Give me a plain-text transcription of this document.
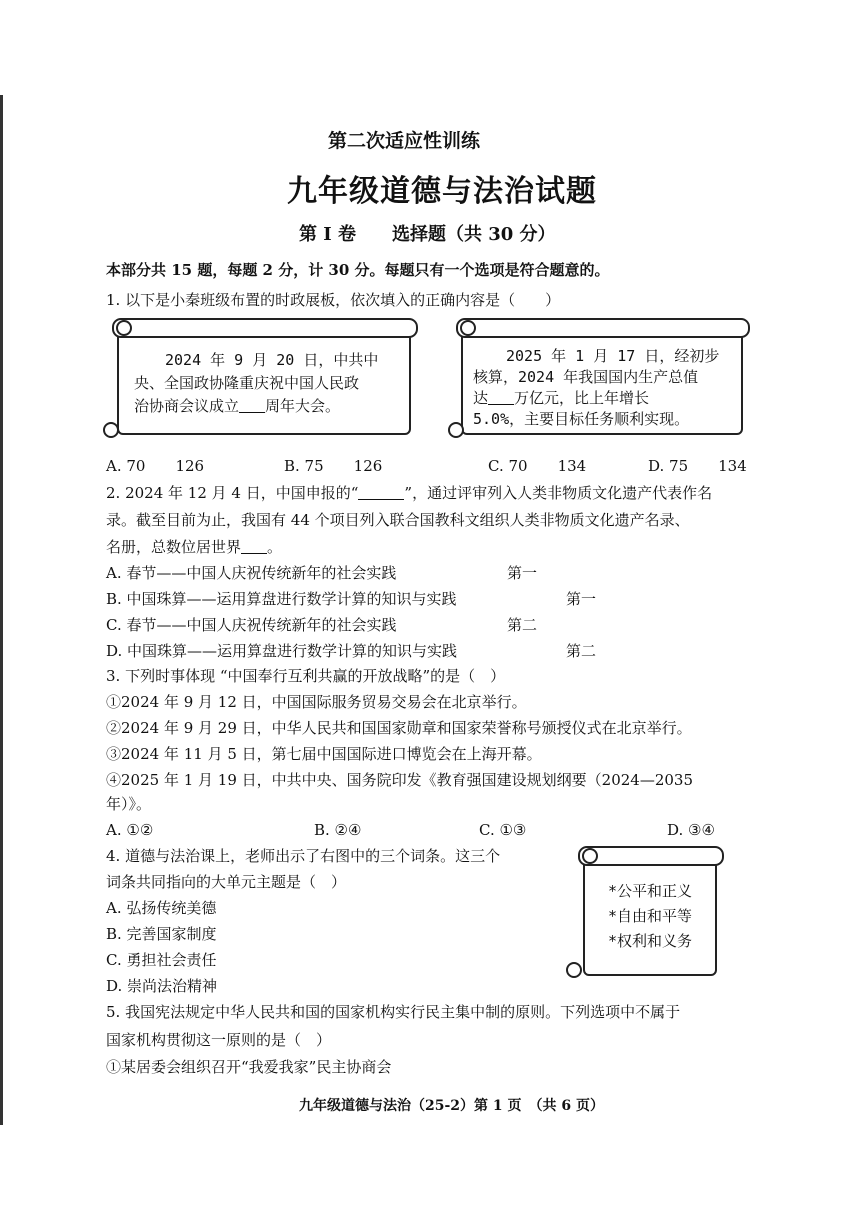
第二次适应性训练
九年级道德与法治试题
第 I 卷　　选择题（共 30 分）
本部分共 15 题，每题 2 分，计 30 分。每题只有一个选项是符合题意的。
1. 以下是小秦班级布置的时政展板，依次填入的正确内容是（　　）
2024 年 9 月 20 日，中共中
央、全国政协隆重庆祝中国人民政
治协商会议成立 周年大会。
2025 年 1 月 17 日，经初步
核算，2024 年我国国内生产总值
达 万亿元，比上年增长
5.0%，主要目标任务顺利实现。
A. 70　　126	B. 75　　126	C. 70　　134	D. 75　　134
2. 2024 年 12 月 4 日，中国申报的“	”，通过评审列入人类非物质文化遗产代表作名
录。截至目前为止，我国有 44 个项目列入联合国教科文组织人类非物质文化遗产名录、
名册，总数位居世界 。
A. 春节——中国人庆祝传统新年的社会实践	第一
B. 中国珠算——运用算盘进行数学计算的知识与实践	第一
C. 春节——中国人庆祝传统新年的社会实践	第二
D. 中国珠算——运用算盘进行数学计算的知识与实践	第二
3. 下列时事体现 “中国奉行互利共赢的开放战略”的是（　）
①2024 年 9 月 12 日，中国国际服务贸易交易会在北京举行。
②2024 年 9 月 29 日，中华人民共和国国家勋章和国家荣誉称号颁授仪式在北京举行。
③2024 年 11 月 5 日，第七届中国国际进口博览会在上海开幕。
④2025 年 1 月 19 日，中共中央、国务院印发《教育强国建设规划纲要（2024—2035
年）》。
A. ①②	B. ②④	C. ①③	D. ③④
4. 道德与法治课上，老师出示了右图中的三个词条。这三个
词条共同指向的大单元主题是（　）
A. 弘扬传统美德
B. 完善国家制度
C. 勇担社会责任
D. 崇尚法治精神
*公平和正义
*自由和平等
*权利和义务
5. 我国宪法规定中华人民共和国的国家机构实行民主集中制的原则。下列选项中不属于
国家机构贯彻这一原则的是（　）
①某居委会组织召开“我爱我家”民主协商会
九年级道德与法治（25-2）第 1 页　（共 6 页）
